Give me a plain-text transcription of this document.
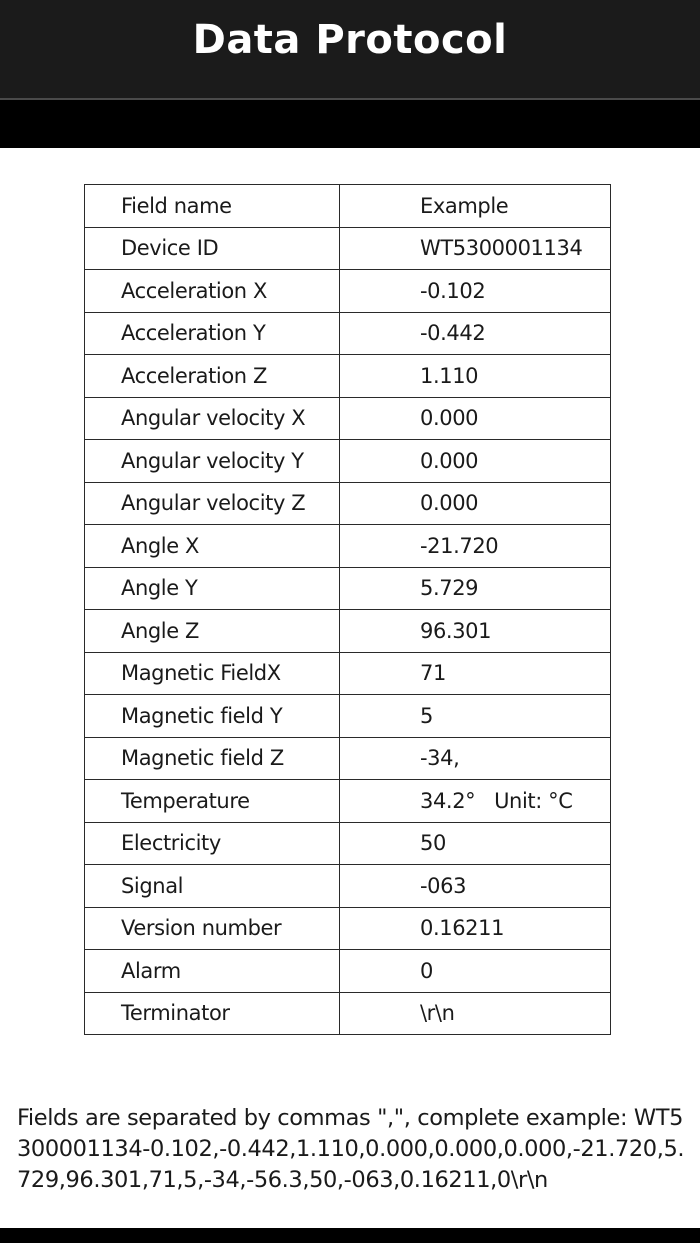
Data Protocol
Field name	Example
Device ID	WT5300001134
Acceleration X	-0.102
Acceleration Y	-0.442
Acceleration Z	1.110
Angular velocity X	0.000
Angular velocity Y	0.000
Angular velocity Z	0.000
Angle X	-21.720
Angle Y	5.729
Angle Z	96.301
Magnetic FieldX	71
Magnetic field Y	5
Magnetic field Z	-34,
Temperature	34.2°   Unit: °C
Electricity	50
Signal	-063
Version number	0.16211
Alarm	0
Terminator	\r\n
Fields are separated by commas ",", complete example: WT5300001134-0.102,-0.442,1.110,0.000,0.000,0.000,-21.720,5.729,96.301,71,5,-34,-56.3,50,-063,0.16211,0\r\n
